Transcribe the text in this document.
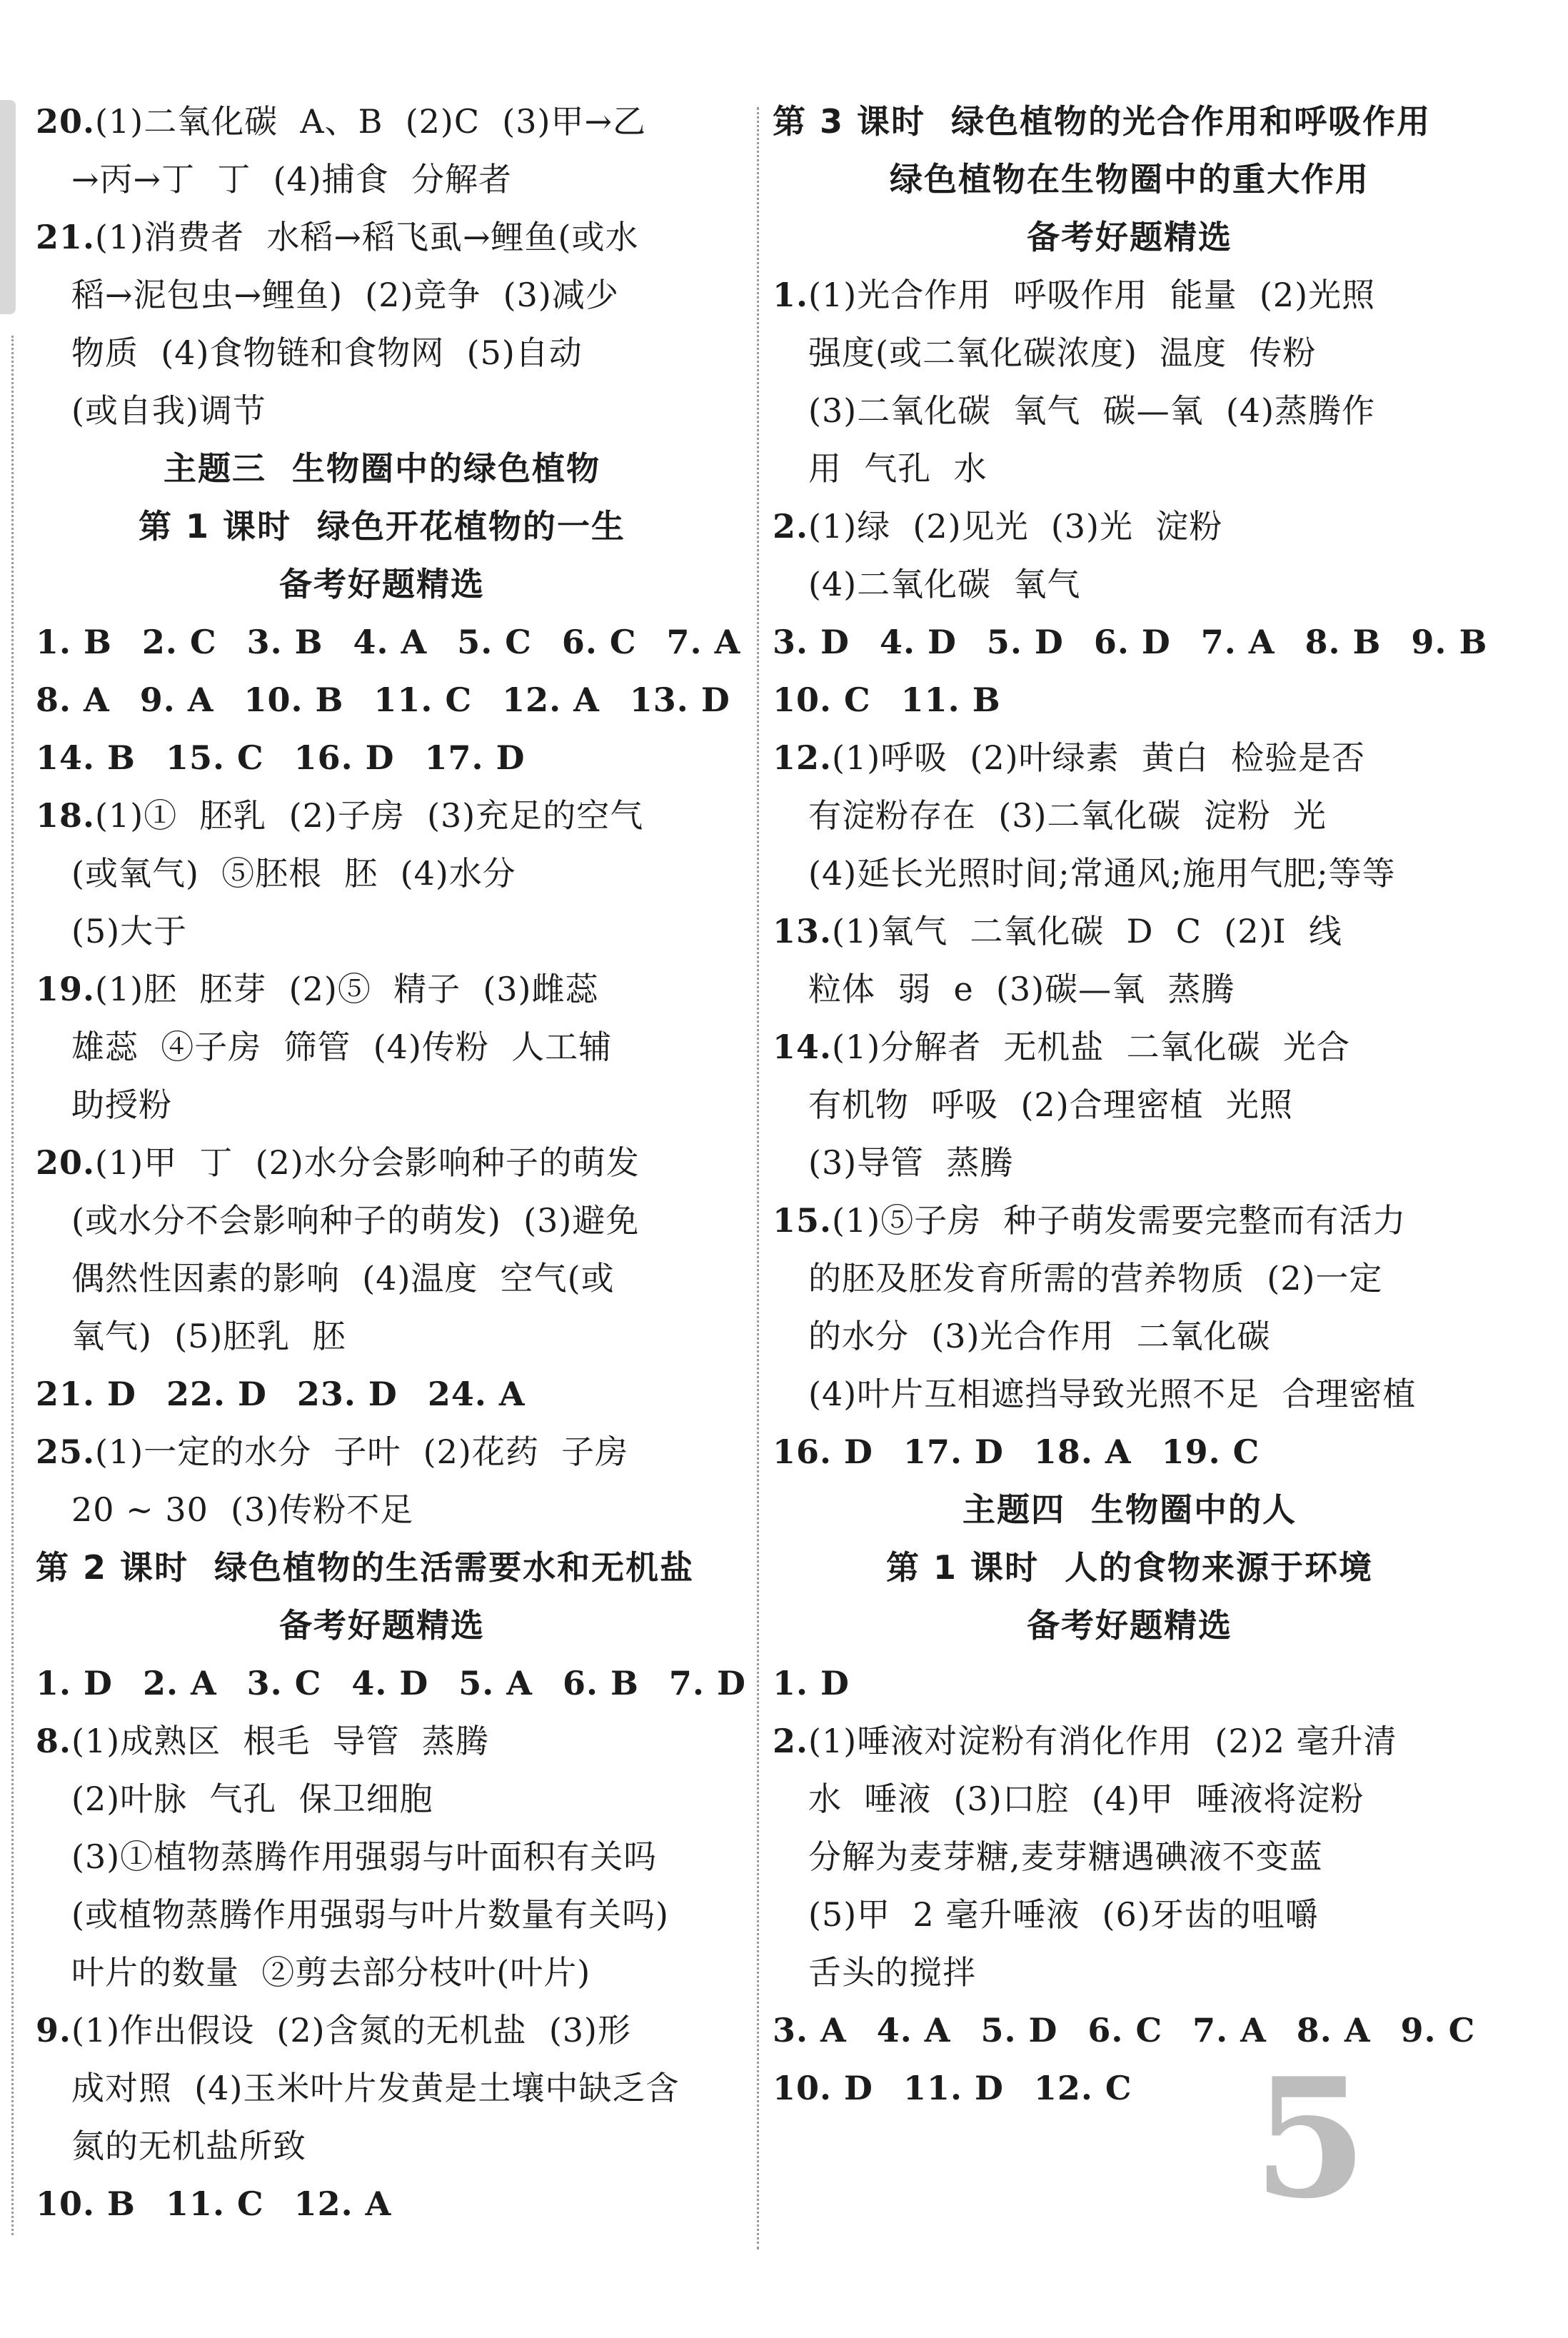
20.(1)二氧化碳  A、B  (2)C  (3)甲→乙
→丙→丁  丁  (4)捕食  分解者
21.(1)消费者  水稻→稻飞虱→鲤鱼(或水
稻→泥包虫→鲤鱼)  (2)竞争  (3)减少
物质  (4)食物链和食物网  (5)自动
(或自我)调节
主题三  生物圈中的绿色植物
第 1 课时  绿色开花植物的一生
备考好题精选
1. B 2. C 3. B 4. A 5. C 6. C 7. A
8. A 9. A 10. B 11. C 12. A 13. D
14. B 15. C 16. D 17. D
18.(1)①  胚乳  (2)子房  (3)充足的空气
(或氧气)  ⑤胚根  胚  (4)水分
(5)大于
19.(1)胚  胚芽  (2)⑤  精子  (3)雌蕊
雄蕊  ④子房  筛管  (4)传粉  人工辅
助授粉
20.(1)甲  丁  (2)水分会影响种子的萌发
(或水分不会影响种子的萌发)  (3)避免
偶然性因素的影响  (4)温度  空气(或
氧气)  (5)胚乳  胚
21. D 22. D 23. D 24. A
25.(1)一定的水分  子叶  (2)花药  子房
20 ~ 30  (3)传粉不足
第 2 课时  绿色植物的生活需要水和无机盐
备考好题精选
1. D 2. A 3. C 4. D 5. A 6. B 7. D
8.(1)成熟区  根毛  导管  蒸腾
(2)叶脉  气孔  保卫细胞
(3)①植物蒸腾作用强弱与叶面积有关吗
(或植物蒸腾作用强弱与叶片数量有关吗)
叶片的数量  ②剪去部分枝叶(叶片)
9.(1)作出假设  (2)含氮的无机盐  (3)形
成对照  (4)玉米叶片发黄是土壤中缺乏含
氮的无机盐所致
10. B 11. C 12. A
第 3 课时  绿色植物的光合作用和呼吸作用
绿色植物在生物圈中的重大作用
备考好题精选
1.(1)光合作用  呼吸作用  能量  (2)光照
强度(或二氧化碳浓度)  温度  传粉
(3)二氧化碳  氧气  碳—氧  (4)蒸腾作
用  气孔  水
2.(1)绿  (2)见光  (3)光  淀粉
(4)二氧化碳  氧气
3. D 4. D 5. D 6. D 7. A 8. B 9. B
10. C 11. B
12.(1)呼吸  (2)叶绿素  黄白  检验是否
有淀粉存在  (3)二氧化碳  淀粉  光
(4)延长光照时间;常通风;施用气肥;等等
13.(1)氧气  二氧化碳  D  C  (2)Ⅰ  线
粒体  弱  e  (3)碳—氧  蒸腾
14.(1)分解者  无机盐  二氧化碳  光合
有机物  呼吸  (2)合理密植  光照
(3)导管  蒸腾
15.(1)⑤子房  种子萌发需要完整而有活力
的胚及胚发育所需的营养物质  (2)一定
的水分  (3)光合作用  二氧化碳
(4)叶片互相遮挡导致光照不足  合理密植
16. D 17. D 18. A 19. C
主题四  生物圈中的人
第 1 课时  人的食物来源于环境
备考好题精选
1. D
2.(1)唾液对淀粉有消化作用  (2)2 毫升清
水  唾液  (3)口腔  (4)甲  唾液将淀粉
分解为麦芽糖,麦芽糖遇碘液不变蓝
(5)甲  2 毫升唾液  (6)牙齿的咀嚼
舌头的搅拌
3. A 4. A 5. D 6. C 7. A 8. A 9. C
10. D 11. D 12. C 5
